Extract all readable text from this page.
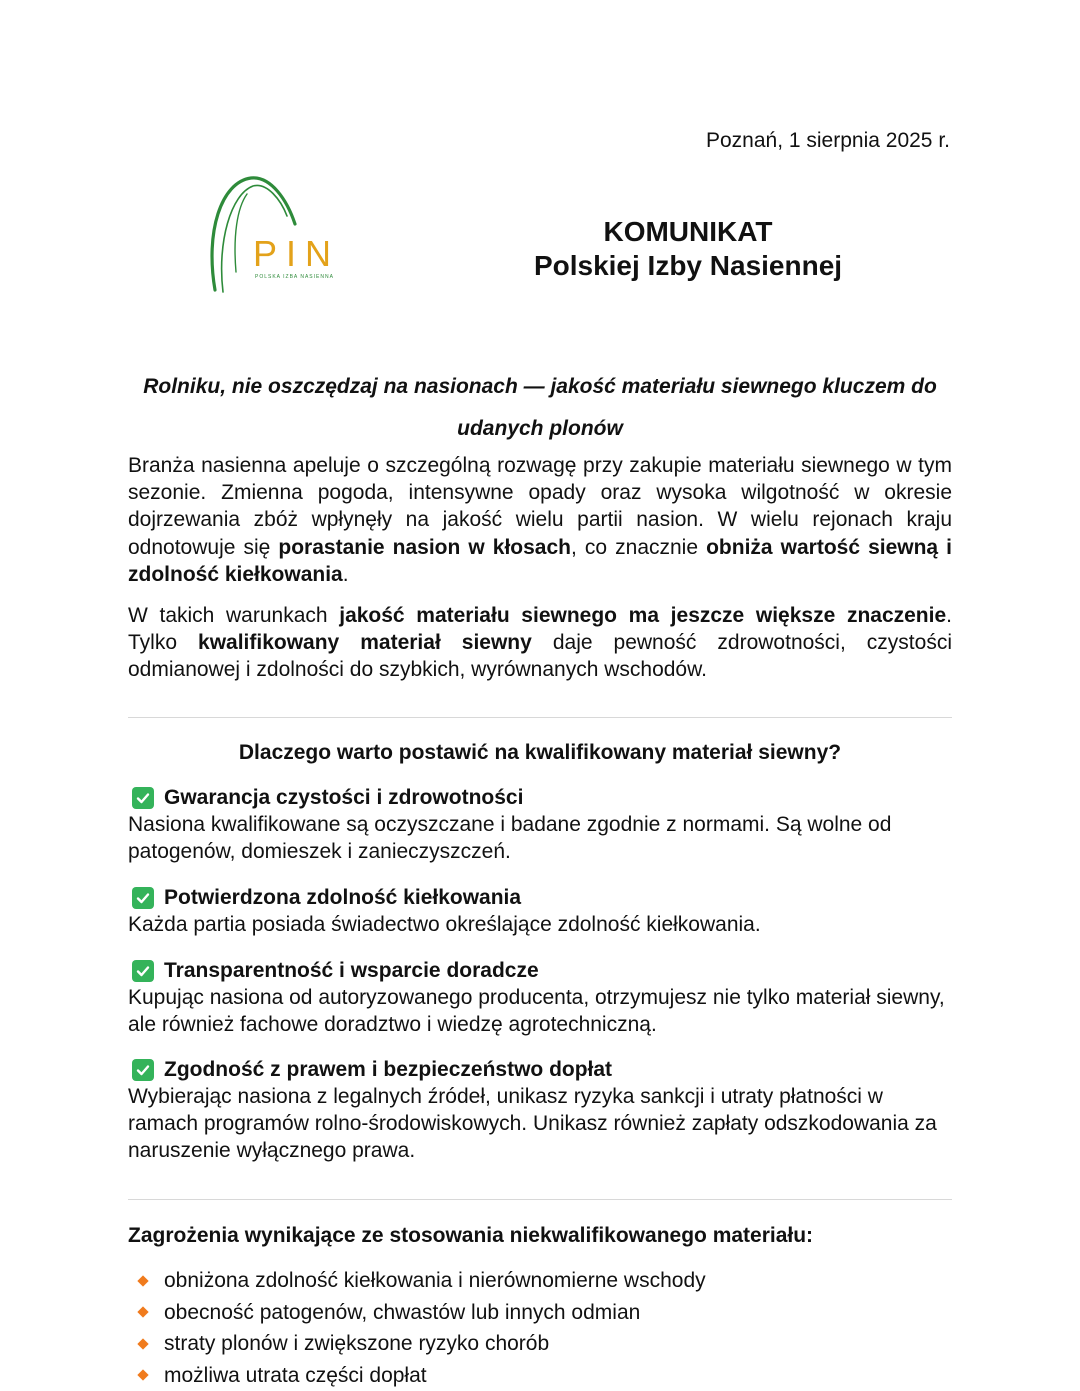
Poznań, 1 sierpnia 2025 r.
PIN
POLSKA IZBA NASIENNA
KOMUNIKAT
Polskiej Izby Nasiennej
Rolniku, nie oszczędzaj na nasionach — jakość materiału siewnego kluczem do udanych plonów
Branża nasienna apeluje o szczególną rozwagę przy zakupie materiału siewnego w tym sezonie. Zmienna pogoda, intensywne opady oraz wysoka wilgotność w okresie dojrzewania zbóż wpłynęły na jakość wielu partii nasion. W wielu rejonach kraju odnotowuje się porastanie nasion w kłosach, co znacznie obniża wartość siewną i zdolność kiełkowania.
W takich warunkach jakość materiału siewnego ma jeszcze większe znaczenie. Tylko kwalifikowany materiał siewny daje pewność zdrowotności, czystości odmianowej i zdolności do szybkich, wyrównanych wschodów.
Dlaczego warto postawić na kwalifikowany materiał siewny?
Gwarancja czystości i zdrowotności
Nasiona kwalifikowane są oczyszczane i badane zgodnie z normami. Są wolne od patogenów, domieszek i zanieczyszczeń.
Potwierdzona zdolność kiełkowania
Każda partia posiada świadectwo określające zdolność kiełkowania.
Transparentność i wsparcie doradcze
Kupując nasiona od autoryzowanego producenta, otrzymujesz nie tylko materiał siewny, ale również fachowe doradztwo i wiedzę agrotechniczną.
Zgodność z prawem i bezpieczeństwo dopłat
Wybierając nasiona z legalnych źródeł, unikasz ryzyka sankcji i utraty płatności w ramach programów rolno-środowiskowych. Unikasz również zapłaty odszkodowania za naruszenie wyłącznego prawa.
Zagrożenia wynikające ze stosowania niekwalifikowanego materiału:
obniżona zdolność kiełkowania i nierównomierne wschody
obecność patogenów, chwastów lub innych odmian
straty plonów i zwiększone ryzyko chorób
możliwa utrata części dopłat
